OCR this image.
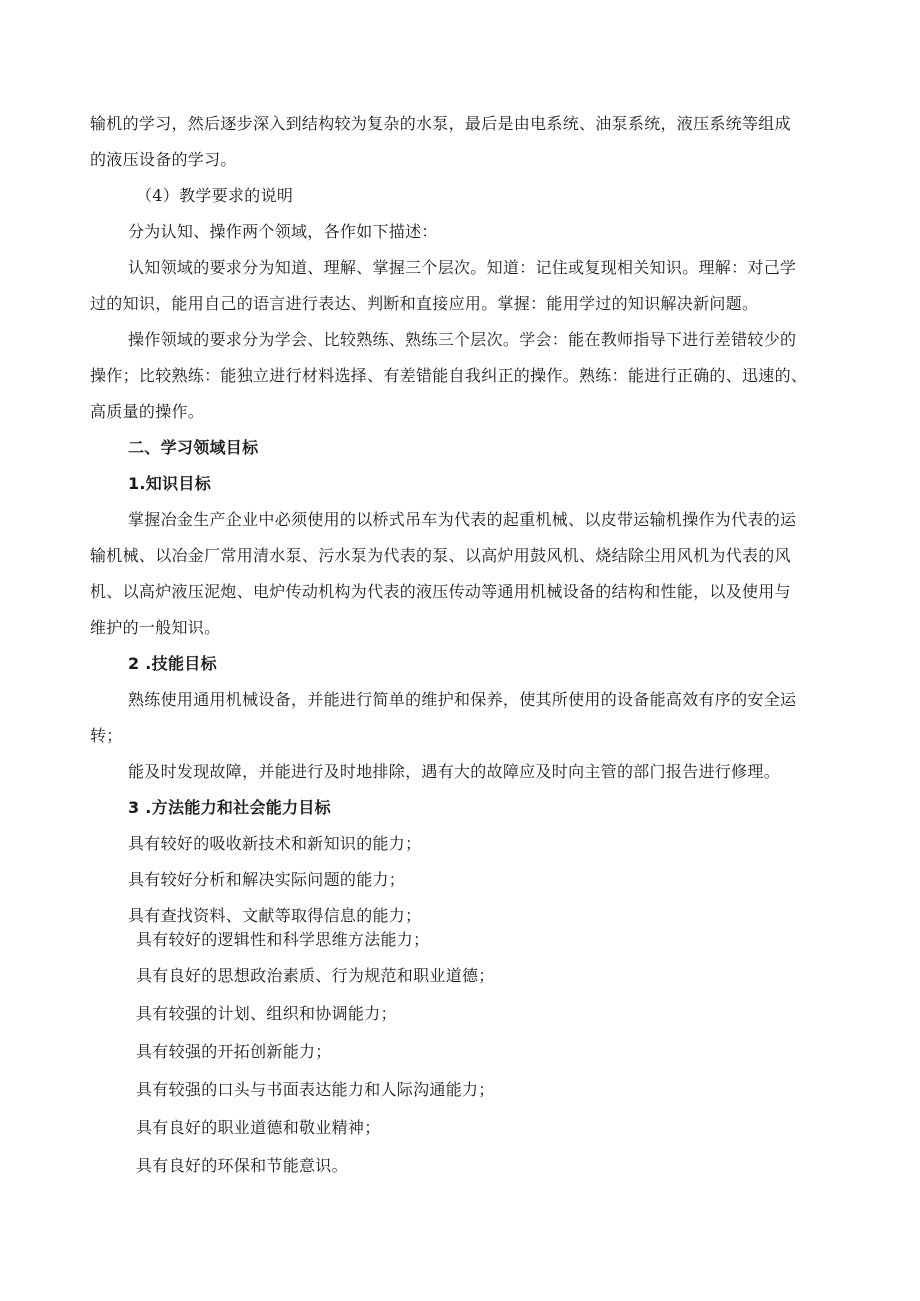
输机的学习，然后逐步深入到结构较为复杂的水泵，最后是由电系统、油泵系统，液压系统等组成
的液压设备的学习。
（4）教学要求的说明
分为认知、操作两个领域，各作如下描述：
认知领域的要求分为知道、理解、掌握三个层次。知道：记住或复现相关知识。理解：对己学
过的知识，能用自己的语言进行表达、判断和直接应用。掌握：能用学过的知识解决新问题。
操作领域的要求分为学会、比较熟练、熟练三个层次。学会：能在教师指导下进行差错较少的
操作；比较熟练：能独立进行材料选择、有差错能自我纠正的操作。熟练：能进行正确的、迅速的、
高质量的操作。
二、学习领域目标
1.知识目标
掌握冶金生产企业中必须使用的以桥式吊车为代表的起重机械、以皮带运输机操作为代表的运
输机械、以冶金厂常用清水泵、污水泵为代表的泵、以高炉用鼓风机、烧结除尘用风机为代表的风
机、以高炉液压泥炮、电炉传动机构为代表的液压传动等通用机械设备的结构和性能，以及使用与
维护的一般知识。
2 .技能目标
熟练使用通用机械设备，并能进行简单的维护和保养，使其所使用的设备能高效有序的安全运
转；
能及时发现故障，并能进行及时地排除，遇有大的故障应及时向主管的部门报告进行修理。
3 .方法能力和社会能力目标
具有较好的吸收新技术和新知识的能力；
具有较好分析和解决实际问题的能力；
具有查找资料、文献等取得信息的能力；
具有较好的逻辑性和科学思维方法能力；
具有良好的思想政治素质、行为规范和职业道德；
具有较强的计划、组织和协调能力；
具有较强的开拓创新能力；
具有较强的口头与书面表达能力和人际沟通能力；
具有良好的职业道德和敬业精神；
具有良好的环保和节能意识。
